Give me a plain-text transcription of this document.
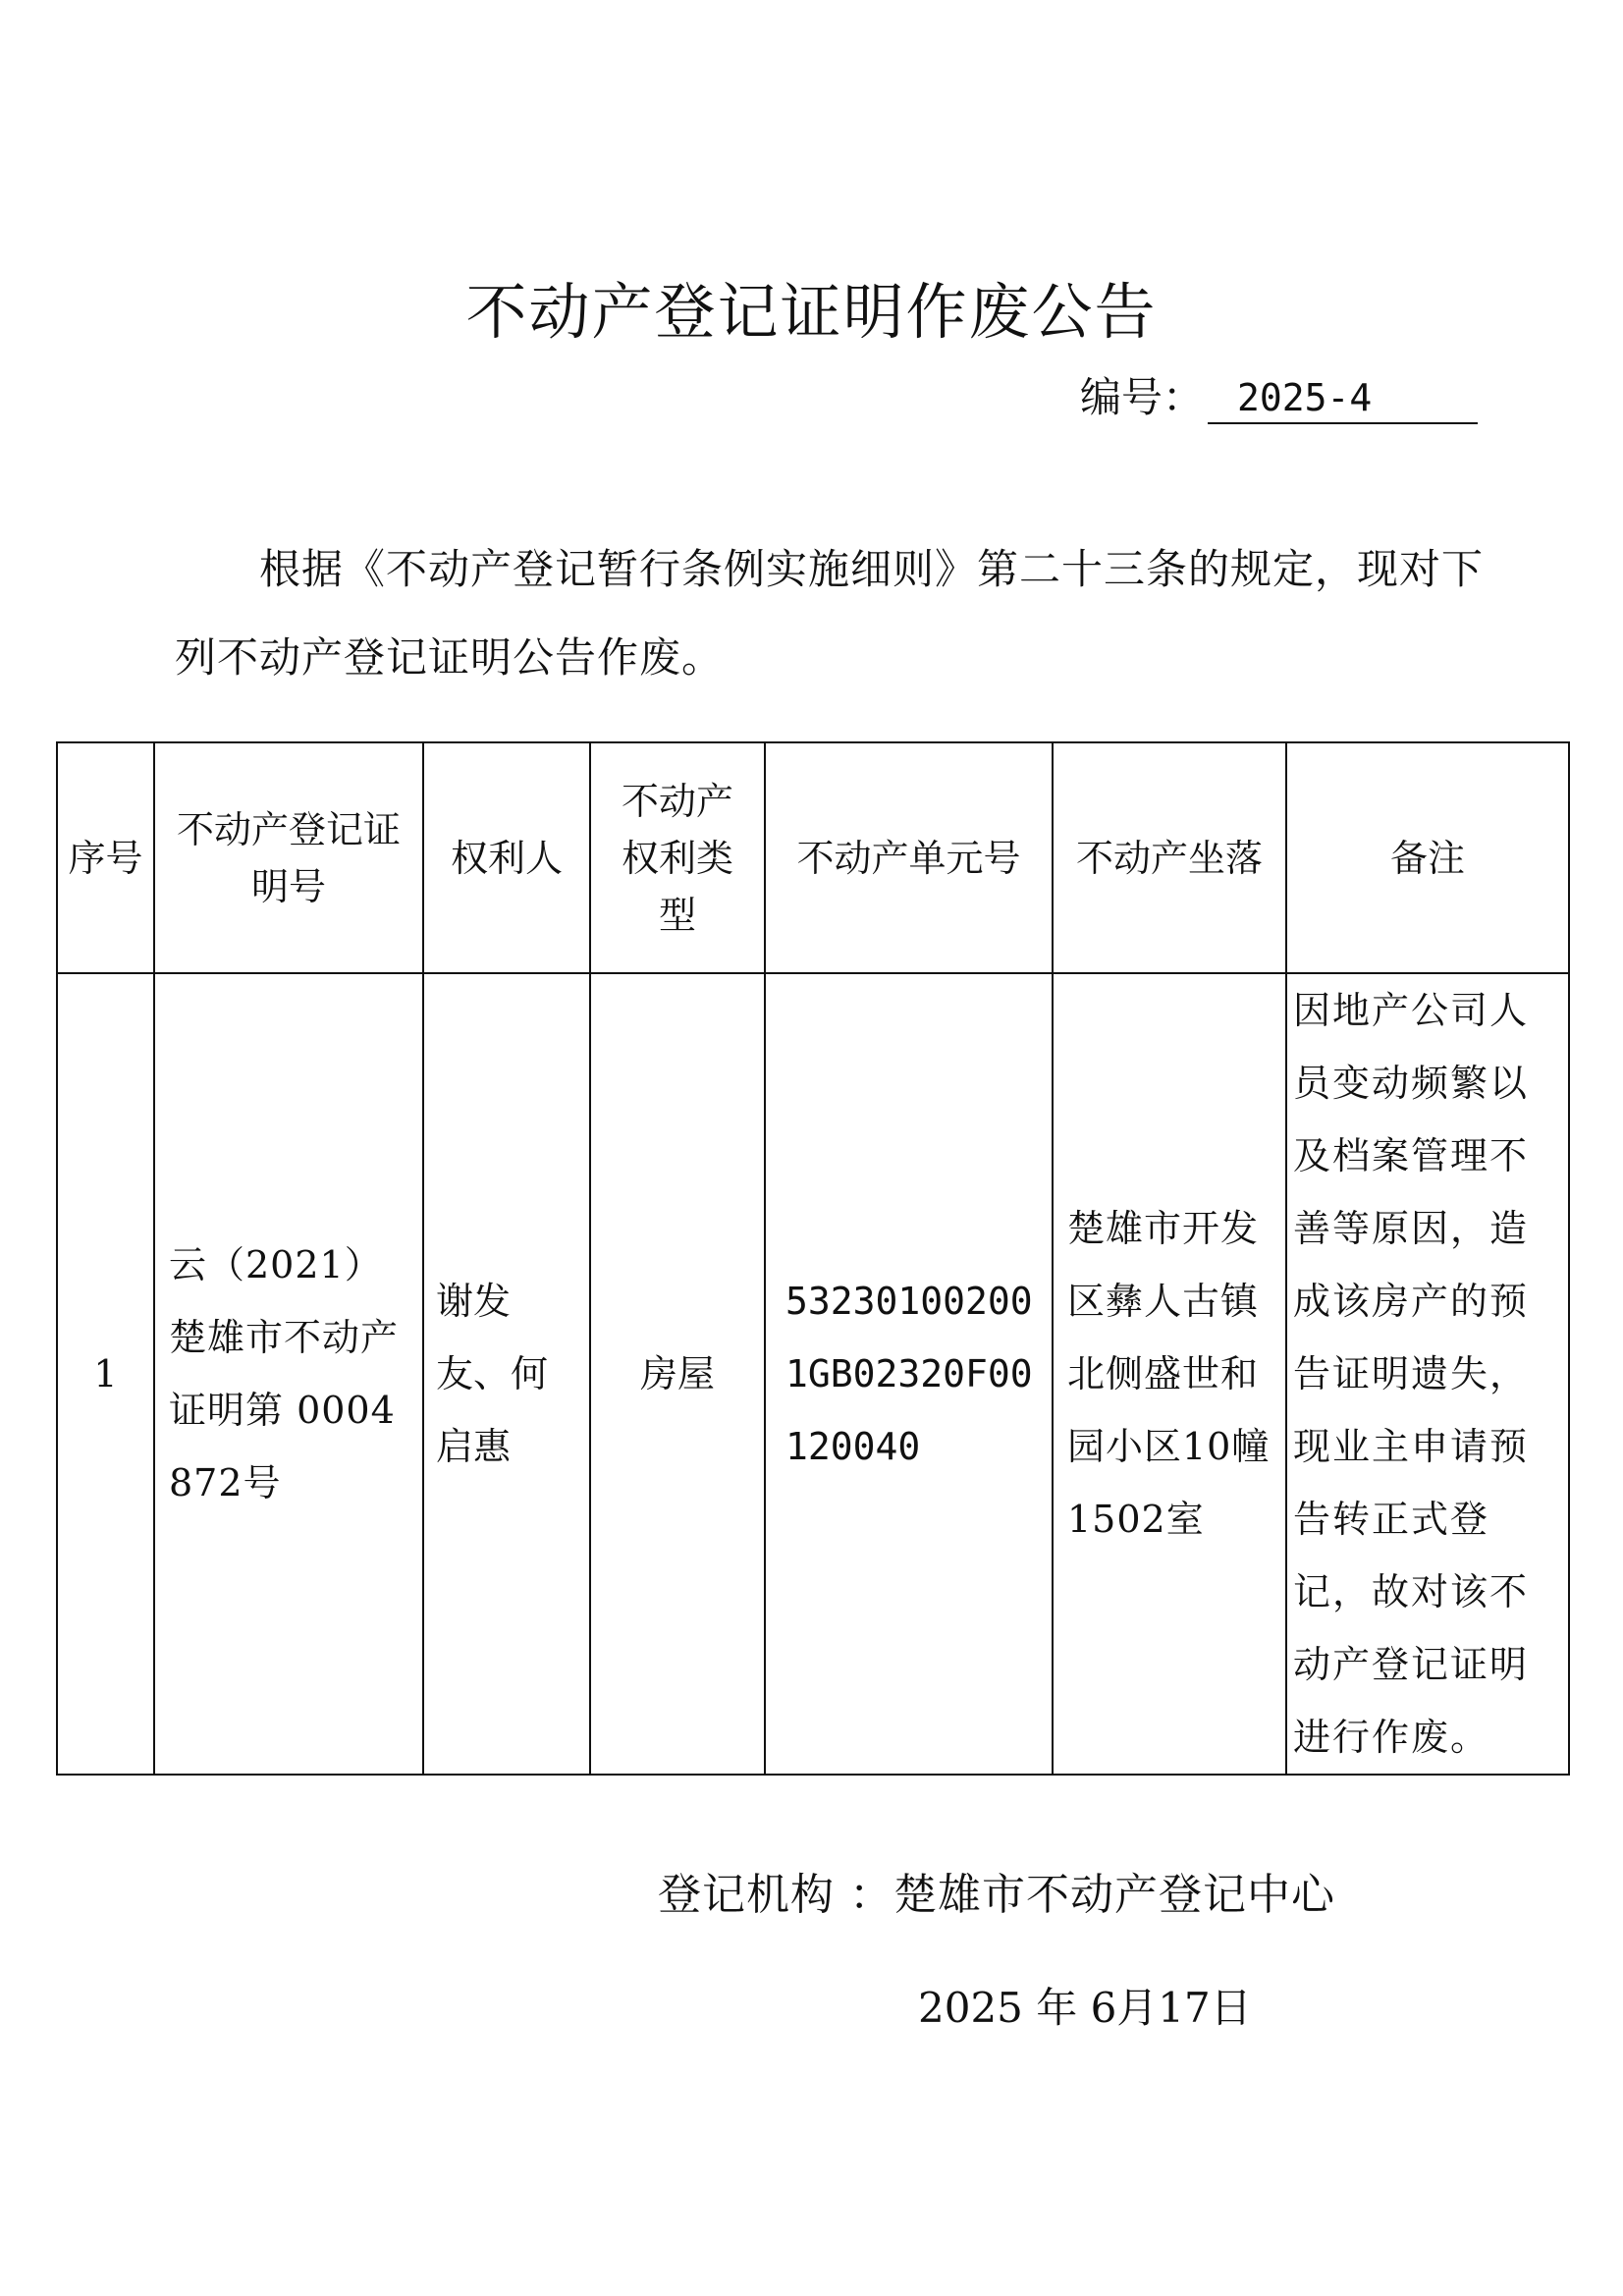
不动产登记证明作废公告
编号： 2025-4
根据《不动产登记暂行条例实施细则》第二十三条的规定，现对下列不动产登记证明公告作废。
序号	不动产登记证明号	权利人	不动产权利类型	不动产单元号	不动产坐落	备注
1	云（2021）楚雄市不动产证明第 0004872号	谢发友、何启惠	房屋	532301002001GB02320F00120040	楚雄市开发区彝人古镇北侧盛世和园小区10幢1502室	因地产公司人员变动频繁以及档案管理不善等原因，造成该房产的预告证明遗失，现业主申请预告转正式登记，故对该不动产登记证明进行作废。
登记机构 ：楚雄市不动产登记中心
2025 年 6月17日
